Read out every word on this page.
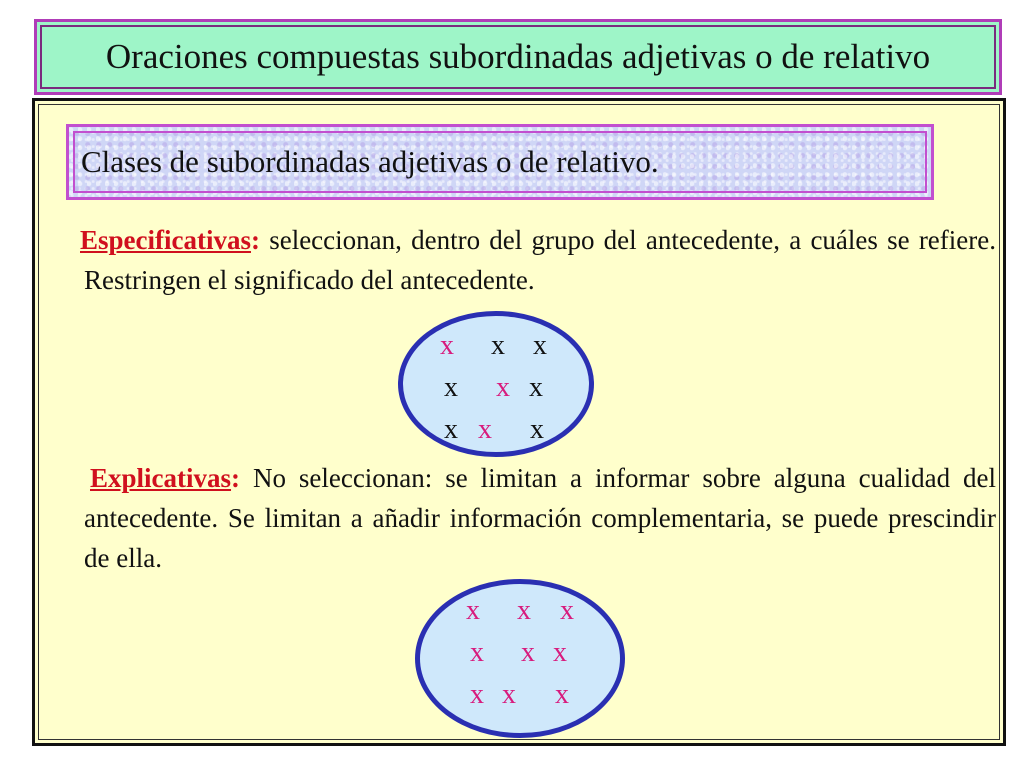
Oraciones compuestas subordinadas adjetivas o de relativo
Clases de subordinadas adjetivas o de relativo.
Especificativas: seleccionan, dentro del grupo del antecedente, a cuáles se refiere. Restringen el significado del antecedente.
x x x
x x x
x x x
Explicativas: No seleccionan: se limitan a informar sobre alguna cualidad del antecedente. Se limitan a añadir información complementaria, se puede prescindir de ella.
x x x
x x x
x x x
